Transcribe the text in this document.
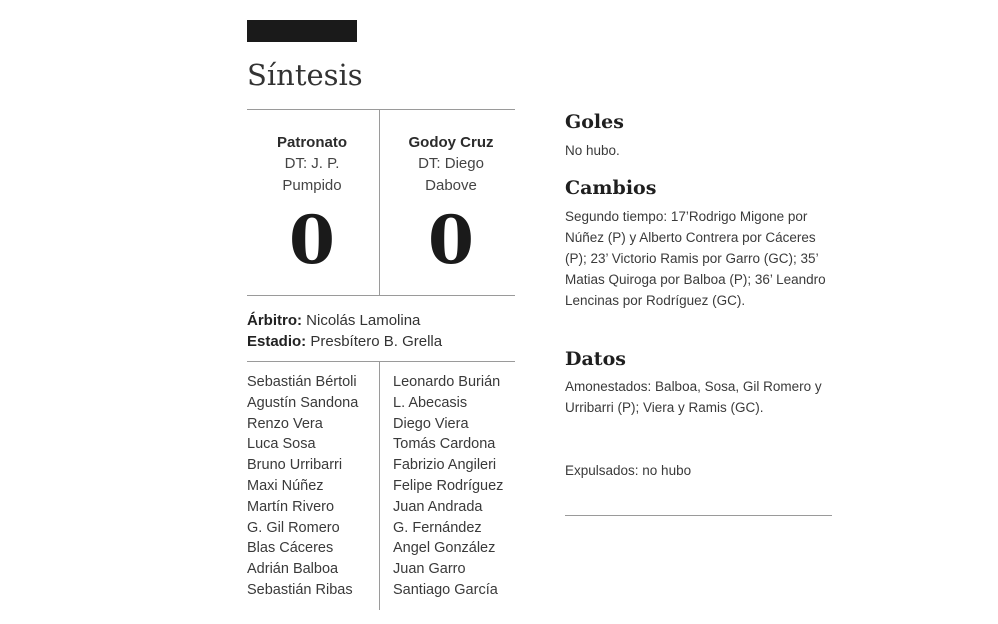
Síntesis
Patronato
DT: J. P.
Pumpido
0
Godoy Cruz
DT: Diego
Dabove
0
Árbitro: Nicolás Lamolina
Estadio: Presbítero B. Grella
Sebastián Bértoli
Agustín Sandona
Renzo Vera
Luca Sosa
Bruno Urribarri
Maxi Núñez
Martín Rivero
G. Gil Romero
Blas Cáceres
Adrián Balboa
Sebastián Ribas
Leonardo Burián
L. Abecasis
Diego Viera
Tomás Cardona
Fabrizio Angileri
Felipe Rodríguez
Juan Andrada
G. Fernández
Angel González
Juan Garro
Santiago García
Goles
No hubo.
Cambios
Segundo tiempo: 17’Rodrigo Migone por Núñez (P) y Alberto Contrera por Cáceres (P); 23’ Victorio Ramis por Garro (GC); 35’ Matias Quiroga por Balboa (P); 36’ Leandro Lencinas por Rodríguez (GC).
Datos
Amonestados: Balboa, Sosa, Gil Romero y Urribarri (P); Viera y Ramis (GC).
Expulsados: no hubo
